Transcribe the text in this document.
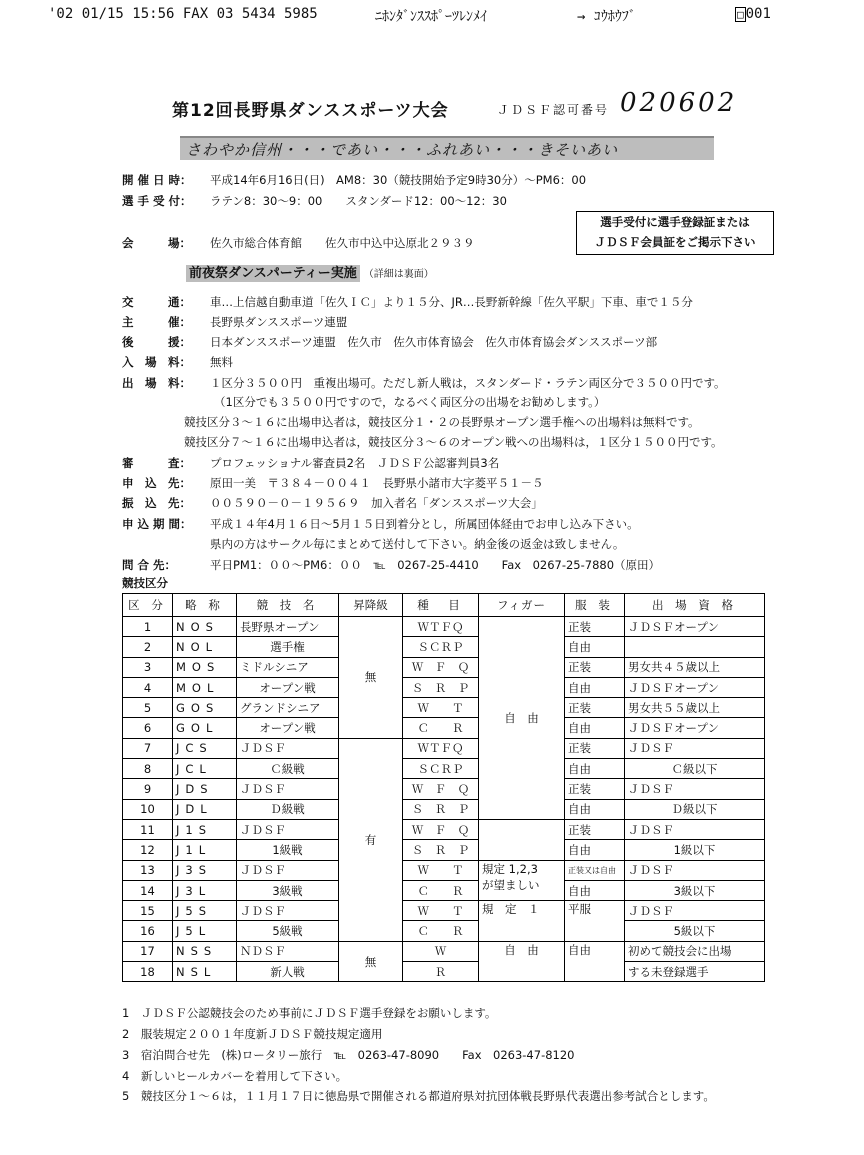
'02 01/15 15:56 FAX 03 5434 5985	ﾆﾎﾝﾀﾞﾝｽｽﾎﾟｰﾂﾚﾝﾒｲ	→ ｺｳﾎｳﾌﾞ	□ 001
第12回長野県ダンススポーツ大会	ＪＤＳＦ認可番号 020602
さわやか信州・・・であい・・・ふれあい・・・きそいあい
開 催 日 時： 平成14年6月16日(日)　AM8：30（競技開始予定9時30分）～PM6：00
選 手 受 付： ラテン8：30～9：00　　スタンダード12：00～12：30
会　　　場： 佐久市総合体育館　　佐久市中込中込原北２９３９
選手受付に選手登録証または
ＪＤＳＦ会員証をご掲示下さい
前夜祭ダンスパーティー実施 （詳細は裏面）
交　　　通： 車…上信越自動車道「佐久ＩＣ」より１５分、JR…長野新幹線「佐久平駅」下車、車で１５分
主　　　催： 長野県ダンススポーツ連盟
後　　　援： 日本ダンススポーツ連盟　佐久市　佐久市体育協会　佐久市体育協会ダンススポーツ部
入　場　料： 無料
出　場　料： １区分３５００円　重複出場可。ただし新人戦は，スタンダード・ラテン両区分で３５００円です。
（1区分でも３５００円ですので，なるべく両区分の出場をお勧めします。）
競技区分３～１６に出場申込者は，競技区分１・２の長野県オープン選手権への出場料は無料です。
競技区分７～１６に出場申込者は，競技区分３～６のオープン戦への出場料は，１区分１５００円です。
審　　　査： プロフェッショナル審査員2名　ＪＤＳＦ公認審判員3名
申　込　先： 原田一美　〒３８４－００４１　長野県小諸市大字菱平５１－５
振　込　先： ００５９０－０－１９５６９　加入者名「ダンススポーツ大会」
申 込 期 間： 平成１４年4月１６日～5月１５日到着分とし，所属団体経由でお申し込み下さい。
県内の方はサークル毎にまとめて送付して下さい。納金後の返金は致しません。
問 合 先：	平日PM1：００～PM6：００　℡　0267-25-4410　　Fax　0267-25-7880（原田）
競技区分
区 分	略 称	競 技 名	昇降級	種　目	フィガー	服 装	出 場 資 格
1	NOS	長野県オープン	無	ＷＴＦＱ	自　由	正装	ＪＤＳＦオープン
2	NOL	選手権		ＳＣＲＰ		自由	
3	MOS	ミドルシニア		Ｗ　Ｆ　Ｑ		正装	男女共４５歳以上
4	MOL	オープン戦		Ｓ　Ｒ　Ｐ		自由	ＪＤＳＦオープン
5	GOS	グランドシニア		Ｗ　　Ｔ		正装	男女共５５歳以上
6	GOL	オープン戦		Ｃ　　Ｒ		自由	ＪＤＳＦオープン
7	JCS	ＪＤＳＦ	有	ＷＴＦＱ		正装	ＪＤＳＦ
8	JCL	Ｃ級戦		ＳＣＲＰ		自由	Ｃ級以下
9	JDS	ＪＤＳＦ		Ｗ　Ｆ　Ｑ		正装	ＪＤＳＦ
10	JDL	Ｄ級戦		Ｓ　Ｒ　Ｐ		自由	Ｄ級以下
11	J1S	ＪＤＳＦ		Ｗ　Ｆ　Ｑ		正装	ＪＤＳＦ
12	J1L	1級戦		Ｓ　Ｒ　Ｐ		自由	1級以下
13	J3S	ＪＤＳＦ		Ｗ　　Ｔ	規定 1,2,3
が望ましい	正装又は自由	ＪＤＳＦ
14	J3L	3級戦		Ｃ　　Ｒ		自由	3級以下
15	J5S	ＪＤＳＦ		Ｗ　　Ｔ	規　定　１	平服	ＪＤＳＦ
16	J5L	5級戦		Ｃ　　Ｒ			5級以下
17	NSS	ＮＤＳＦ	無	Ｗ	自　由	自由	初めて競技会に出場
18	NSL	新人戦		Ｒ			する未登録選手
1　ＪＤＳＦ公認競技会のため事前にＪＤＳＦ選手登録をお願いします。
2　服装規定２００１年度新ＪＤＳＦ競技規定適用
3　宿泊問合せ先　(株)ロータリー旅行　℡　0263-47-8090　　Fax　0263-47-8120
4　新しいヒールカバーを着用して下さい。
5　競技区分１～６は，１１月１７日に徳島県で開催される都道府県対抗団体戦長野県代表選出参考試合とします。
